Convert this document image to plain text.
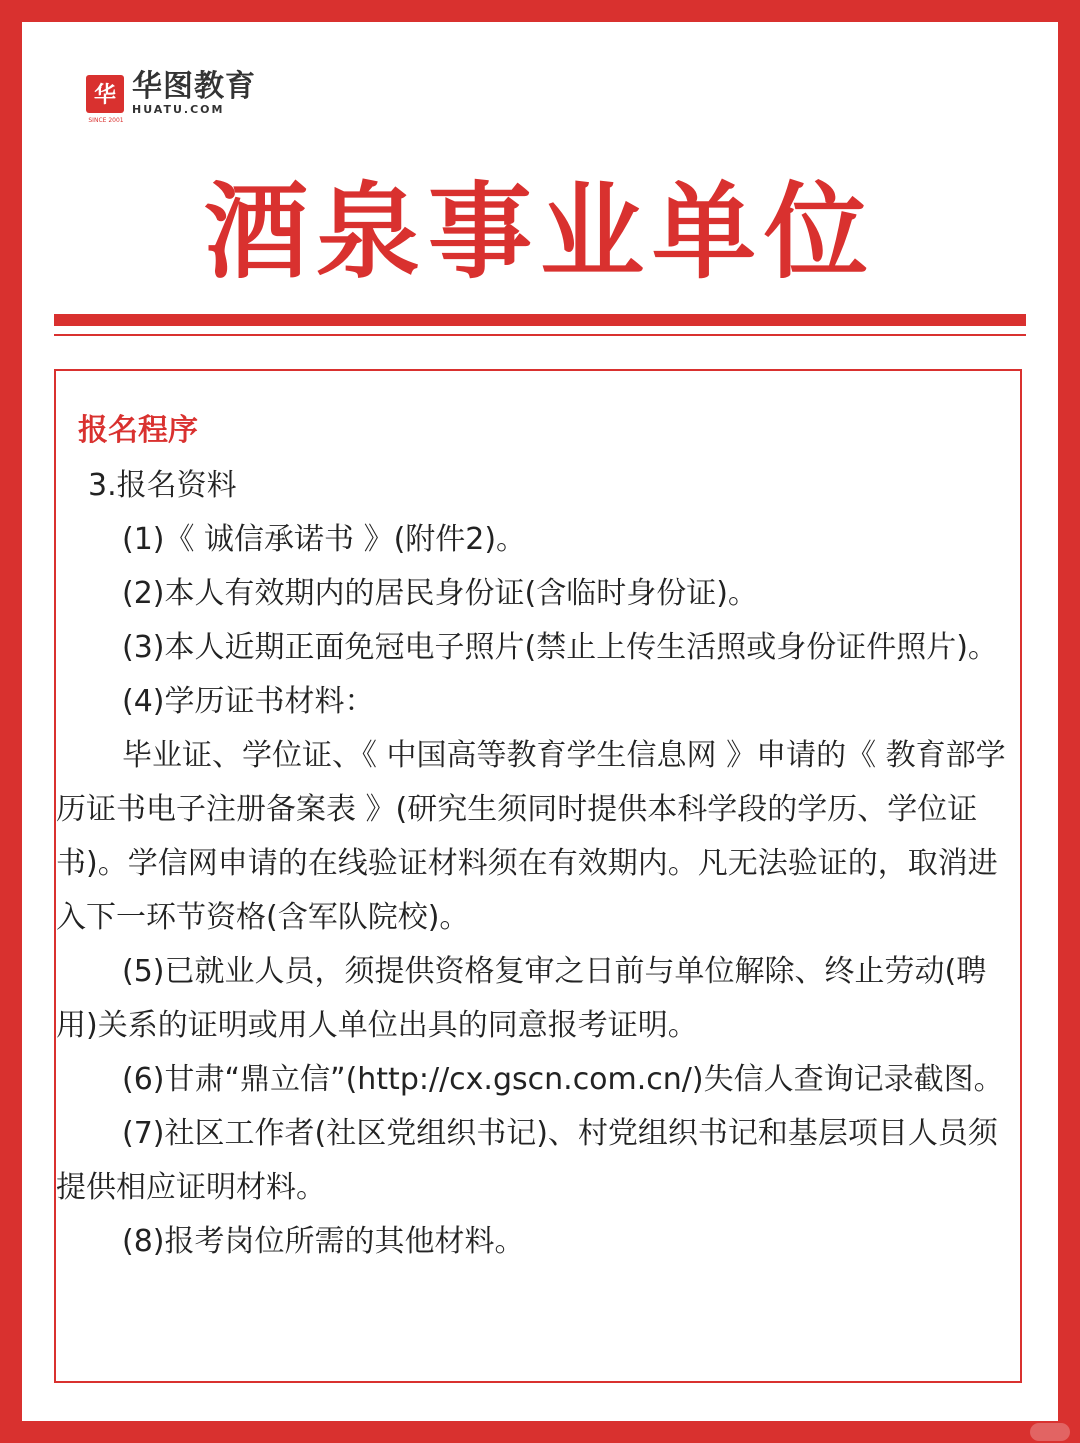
华
SINCE 2001
华图教育
HUATU.COM
酒泉事业单位
报名程序

3.报名资料

(1)《 诚信承诺书 》(附件2)。

(2)本人有效期内的居民身份证(含临时身份证)。

(3)本人近期正面免冠电子照片(禁止上传生活照或身份证件照片)。

(4)学历证书材料：

毕业证、学位证、《 中国高等教育学生信息网 》申请的《 教育部学历证书电子注册备案表 》(研究生须同时提供本科学段的学历、学位证书)。学信网申请的在线验证材料须在有效期内。凡无法验证的，取消进入下一环节资格(含军队院校)。

(5)已就业人员，须提供资格复审之日前与单位解除、终止劳动(聘用)关系的证明或用人单位出具的同意报考证明。

(6)甘肃“鼎立信”(http://cx.gscn.com.cn/)失信人查询记录截图。

(7)社区工作者(社区党组织书记)、村党组织书记和基层项目人员须提供相应证明材料。

(8)报考岗位所需的其他材料。
